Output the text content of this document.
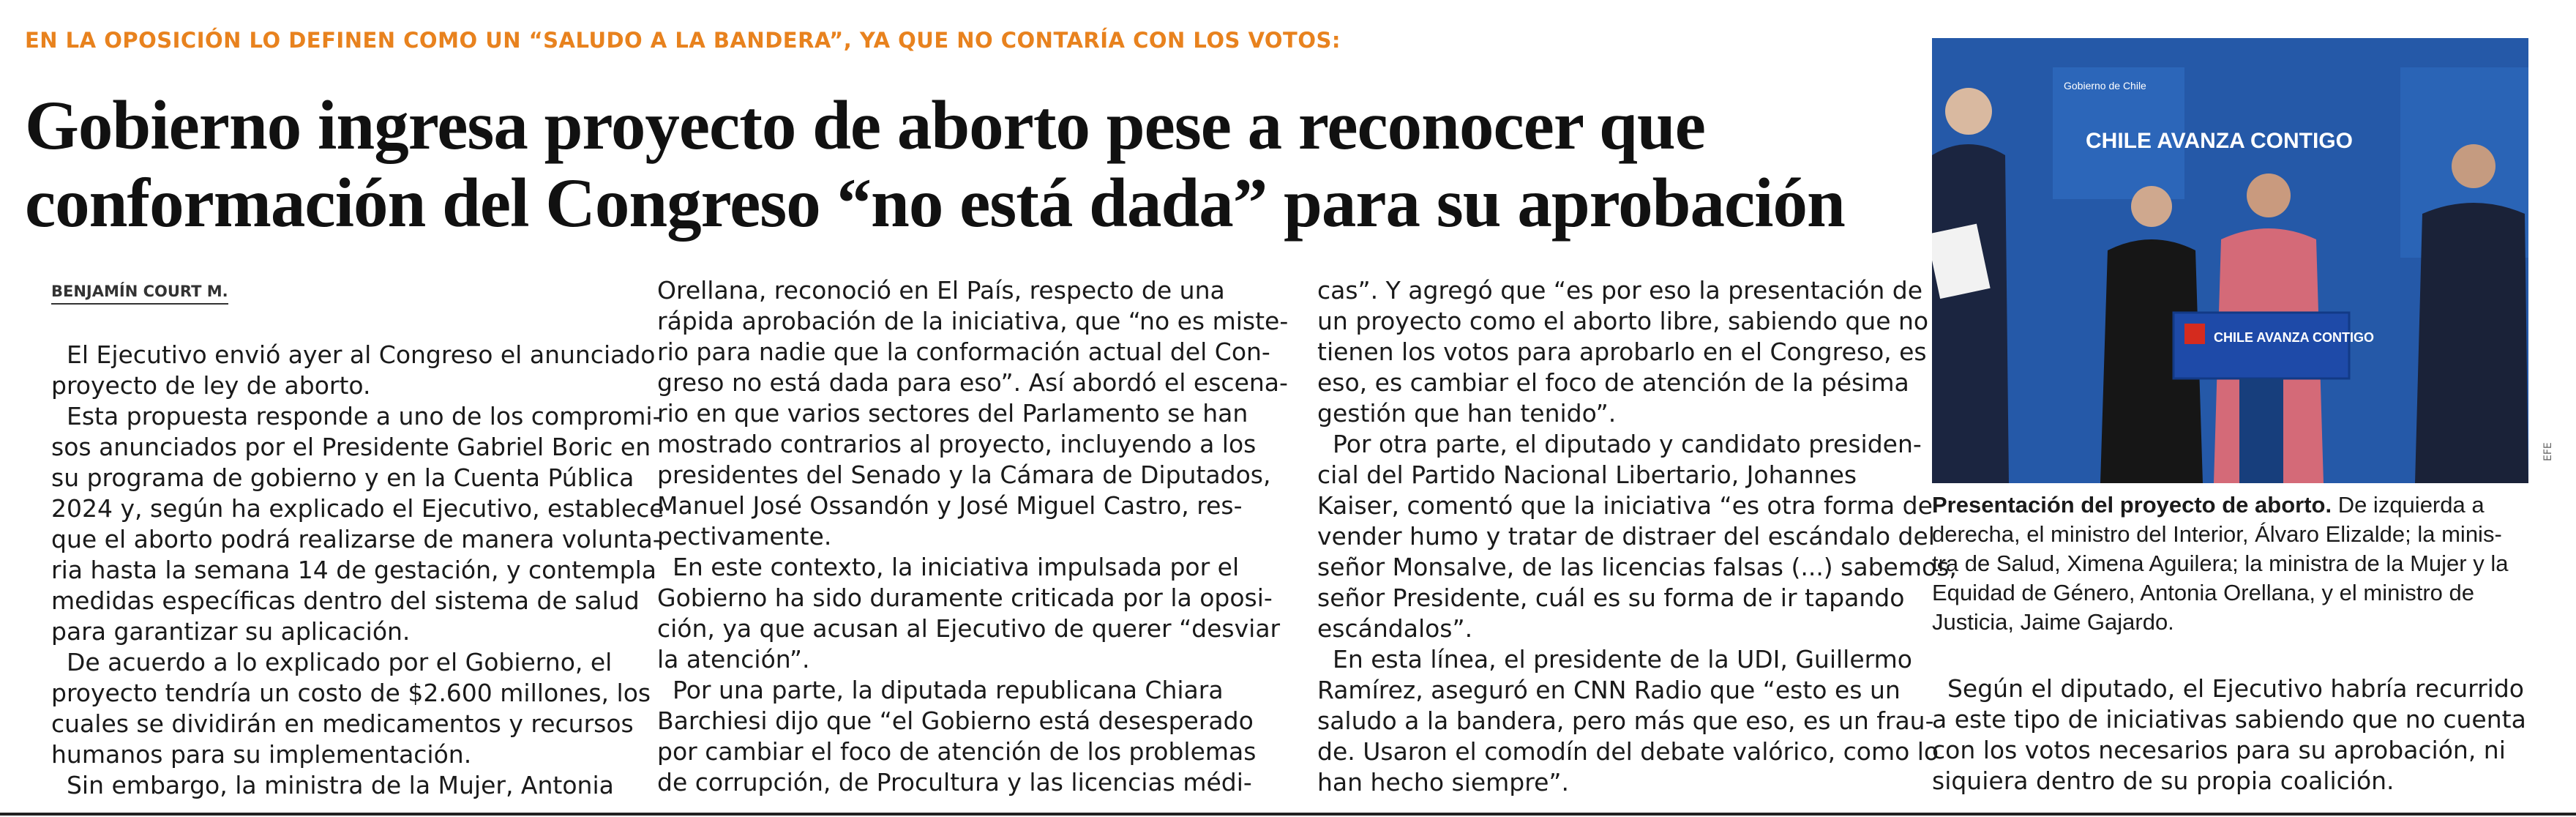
EN LA OPOSICIÓN LO DEFINEN COMO UN “SALUDO A LA BANDERA”, YA QUE NO CONTARÍA CON LOS VOTOS:
Gobierno ingresa proyecto de aborto pese a reconocer que
conformación del Congreso “no está dada” para su aprobación
BENJAMÍN COURT M.

El Ejecutivo envió ayer al Congreso el anunciado

proyecto de ley de aborto.

Esta propuesta responde a uno de los compromi-

sos anunciados por el Presidente Gabriel Boric en

su programa de gobierno y en la Cuenta Pública

2024 y, según ha explicado el Ejecutivo, establece

que el aborto podrá realizarse de manera volunta-

ria hasta la semana 14 de gestación, y contempla

medidas específicas dentro del sistema de salud

para garantizar su aplicación.

De acuerdo a lo explicado por el Gobierno, el

proyecto tendría un costo de $2.600 millones, los

cuales se dividirán en medicamentos y recursos

humanos para su implementación.

Sin embargo, la ministra de la Mujer, Antonia

Orellana, reconoció en El País, respecto de una

rápida aprobación de la iniciativa, que “no es miste-

rio para nadie que la conformación actual del Con-

greso no está dada para eso”. Así abordó el escena-

rio en que varios sectores del Parlamento se han

mostrado contrarios al proyecto, incluyendo a los

presidentes del Senado y la Cámara de Diputados,

Manuel José Ossandón y José Miguel Castro, res-

pectivamente.

En este contexto, la iniciativa impulsada por el

Gobierno ha sido duramente criticada por la oposi-

ción, ya que acusan al Ejecutivo de querer “desviar

la atención”.

Por una parte, la diputada republicana Chiara

Barchiesi dijo que “el Gobierno está desesperado

por cambiar el foco de atención de los problemas

de corrupción, de Procultura y las licencias médi-

cas”. Y agregó que “es por eso la presentación de

un proyecto como el aborto libre, sabiendo que no

tienen los votos para aprobarlo en el Congreso, es

eso, es cambiar el foco de atención de la pésima

gestión que han tenido”.

Por otra parte, el diputado y candidato presiden-

cial del Partido Nacional Libertario, Johannes

Kaiser, comentó que la iniciativa “es otra forma de

vender humo y tratar de distraer del escándalo del

señor Monsalve, de las licencias falsas (...) sabemos,

señor Presidente, cuál es su forma de ir tapando

escándalos”.

En esta línea, el presidente de la UDI, Guillermo

Ramírez, aseguró en CNN Radio que “esto es un

saludo a la bandera, pero más que eso, es un frau-

de. Usaron el comodín del debate valórico, como lo

han hecho siempre”.

CHILE AVANZA CONTIGO
Gobierno de Chile
CHILE AVANZA CONTIGO
EFE

Presentación del proyecto de aborto. De izquierda a

derecha, el ministro del Interior, Álvaro Elizalde; la minis-

tra de Salud, Ximena Aguilera; la ministra de la Mujer y la

Equidad de Género, Antonia Orellana, y el ministro de

Justicia, Jaime Gajardo.

Según el diputado, el Ejecutivo habría recurrido

a este tipo de iniciativas sabiendo que no cuenta

con los votos necesarios para su aprobación, ni

siquiera dentro de su propia coalición.
